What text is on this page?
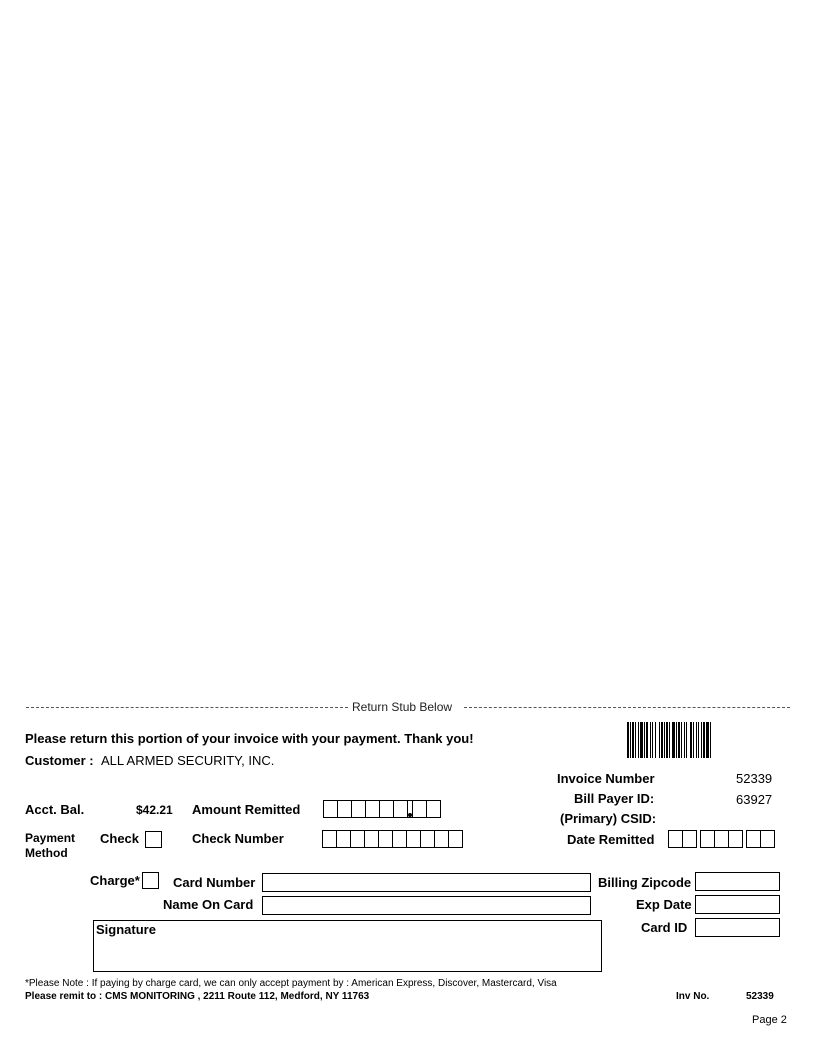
Return Stub Below
Please return this portion of your invoice with your payment. Thank you!
Customer : ALL ARMED SECURITY, INC.
Invoice Number	52339
Bill Payer ID:	63927
(Primary) CSID:
Date Remitted
Acct. Bal.	$42.21 Amount Remitted
Payment
Method
Check	Check Number
Charge*	Card Number
Name On Card
Signature
Billing Zipcode
Exp Date
Card ID
*Please Note : If paying by charge card, we can only accept payment by : American Express, Discover, Mastercard, Visa
Please remit to : CMS MONITORING , 2211 Route 112, Medford, NY 11763	Inv No.	52339
Page 2
